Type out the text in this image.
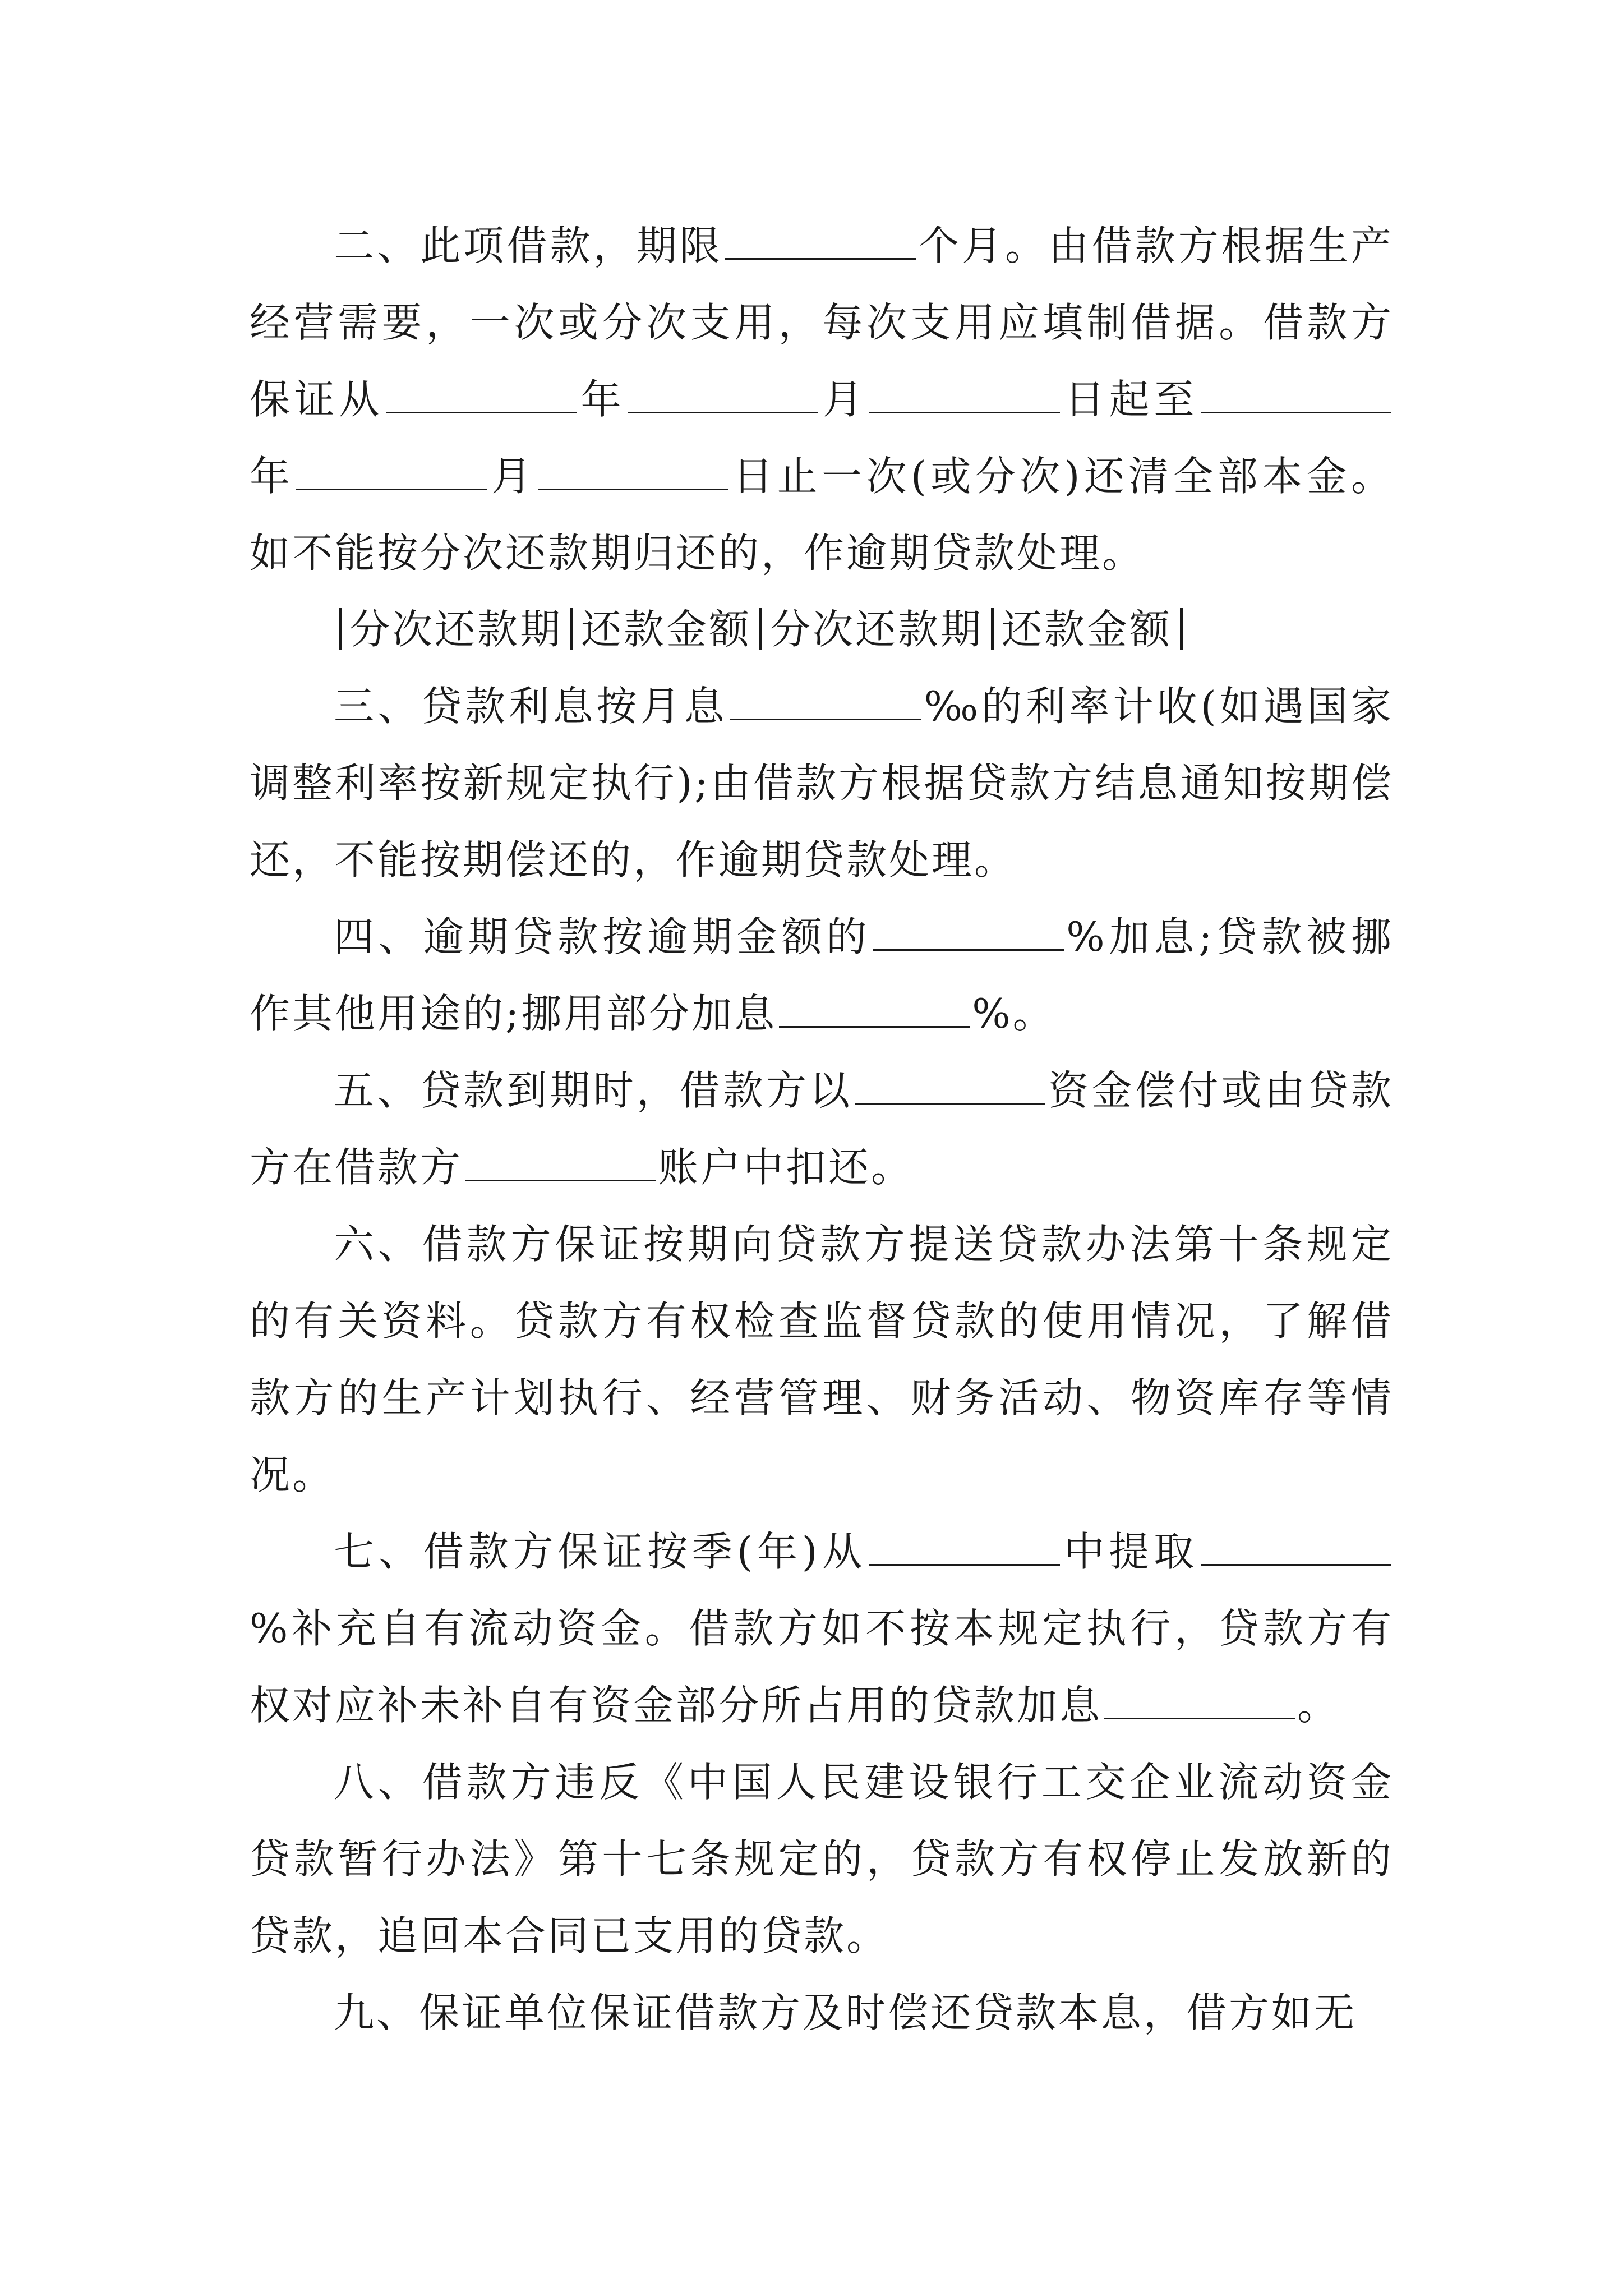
二、此项借款，期限	个月。由借款方根据生产经营需要，一次或分次支用，每次支用应填制借据。借款方保证从	年	月	日起至年	月	日止一次(或分次)还清全部本金。如不能按分次还款期归还的，作逾期贷款处理。

分次还款期 还款金额 分次还款期 还款金额

三、贷款利息按月息	‰的利率计收(如遇国家调整利率按新规定执行);由借款方根据贷款方结息通知按期偿还，不能按期偿还的，作逾期贷款处理。

四、逾期贷款按逾期金额的	%加息;贷款被挪作其他用途的;挪用部分加息	%。

五、贷款到期时，借款方以	资金偿付或由贷款方在借款方	账户中扣还。

六、借款方保证按期向贷款方提送贷款办法第十条规定的有关资料。贷款方有权检查监督贷款的使用情况，了解借款方的生产计划执行、经营管理、财务活动、物资库存等情况。

七、借款方保证按季(年)从	中提取%补充自有流动资金。借款方如不按本规定执行，贷款方有权对应补未补自有资金部分所占用的贷款加息	。

八、借款方违反《中国人民建设银行工交企业流动资金贷款暂行办法》第十七条规定的，贷款方有权停止发放新的贷款，追回本合同已支用的贷款。

九、保证单位保证借款方及时偿还贷款本息，借方如无
